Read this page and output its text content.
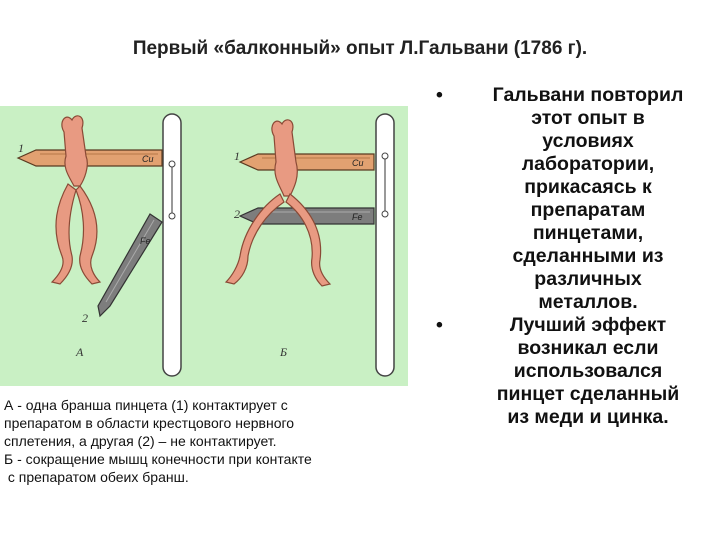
Первый «балконный» опыт Л.Гальвани (1786 г).
Cu
1
Fe
2
А
Cu
1
Fe
2
Б
А - одна бранша пинцета (1) контактирует с
препаратом в области крестцового нервного
сплетения, а другая (2) – не контактирует.
Б - сокращение мышц конечности при контакте
с препаратом обеих бранш.
•	Гальвани повторил
этот опыт в
условиях
лаборатории,
прикасаясь к
препаратам
пинцетами,
сделанными из
различных
металлов.
•	Лучший эффект
возникал если
использовался
пинцет сделанный
из меди и цинка.
